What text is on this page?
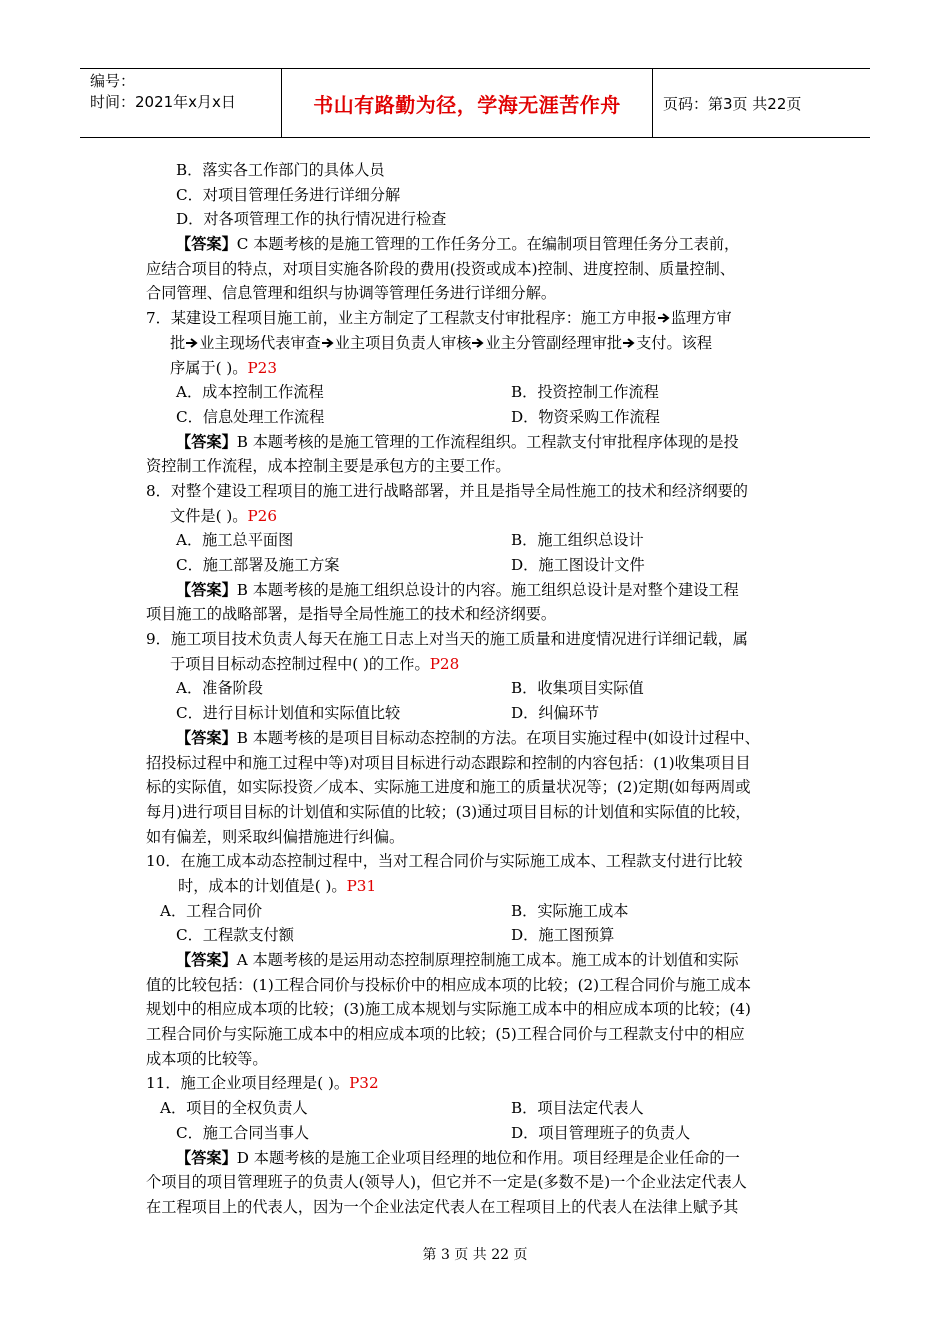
编号：
时间：2021年x月x日	书山有路勤为径，学海无涯苦作舟	页码：第3页 共22页
B．落实各工作部门的具体人员
C．对项目管理任务进行详细分解
D．对各项管理工作的执行情况进行检查
【答案】C 本题考核的是施工管理的工作任务分工。在编制项目管理任务分工表前，
应结合项目的特点，对项目实施各阶段的费用(投资或成本)控制、进度控制、质量控制、
合同管理、信息管理和组织与协调等管理任务进行详细分解。
7．某建设工程项目施工前，业主方制定了工程款支付审批程序：施工方申报 监理方审
批 业主现场代表审查 业主项目负责人审核 业主分管副经理审批 支付。该程
序属于( )。P23
A．成本控制工作流程	B．投资控制工作流程
C．信息处理工作流程	D．物资采购工作流程
【答案】B 本题考核的是施工管理的工作流程组织。工程款支付审批程序体现的是投
资控制工作流程，成本控制主要是承包方的主要工作。
8．对整个建设工程项目的施工进行战略部署，并且是指导全局性施工的技术和经济纲要的
文件是( )。P26
A．施工总平面图	B．施工组织总设计
C．施工部署及施工方案	D．施工图设计文件
【答案】B 本题考核的是施工组织总设计的内容。施工组织总设计是对整个建设工程
项目施工的战略部署，是指导全局性施工的技术和经济纲要。
9．施工项目技术负责人每天在施工日志上对当天的施工质量和进度情况进行详细记载，属
于项目目标动态控制过程中( )的工作。P28
A．准备阶段	B．收集项目实际值
C．进行目标计划值和实际值比较	D．纠偏环节
【答案】B 本题考核的是项目目标动态控制的方法。在项目实施过程中(如设计过程中、
招投标过程中和施工过程中等)对项目目标进行动态跟踪和控制的内容包括：(1)收集项目目
标的实际值，如实际投资／成本、实际施工进度和施工的质量状况等；(2)定期(如每两周或
每月)进行项目目标的计划值和实际值的比较；(3)通过项目目标的计划值和实际值的比较，
如有偏差，则采取纠偏措施进行纠偏。
10．在施工成本动态控制过程中，当对工程合同价与实际施工成本、工程款支付进行比较
时，成本的计划值是( )。P31
A．工程合同价	B．实际施工成本
C．工程款支付额	D．施工图预算
【答案】A 本题考核的是运用动态控制原理控制施工成本。施工成本的计划值和实际
值的比较包括：(1)工程合同价与投标价中的相应成本项的比较；(2)工程合同价与施工成本
规划中的相应成本项的比较；(3)施工成本规划与实际施工成本中的相应成本项的比较；(4)
工程合同价与实际施工成本中的相应成本项的比较；(5)工程合同价与工程款支付中的相应
成本项的比较等。
11．施工企业项目经理是( )。P32
A．项目的全权负责人	B．项目法定代表人
C．施工合同当事人	D．项目管理班子的负责人
【答案】D 本题考核的是施工企业项目经理的地位和作用。项目经理是企业任命的一
个项目的项目管理班子的负责人(领导人)，但它并不一定是(多数不是)一个企业法定代表人
在工程项目上的代表人，因为一个企业法定代表人在工程项目上的代表人在法律上赋予其
第 3 页 共 22 页
